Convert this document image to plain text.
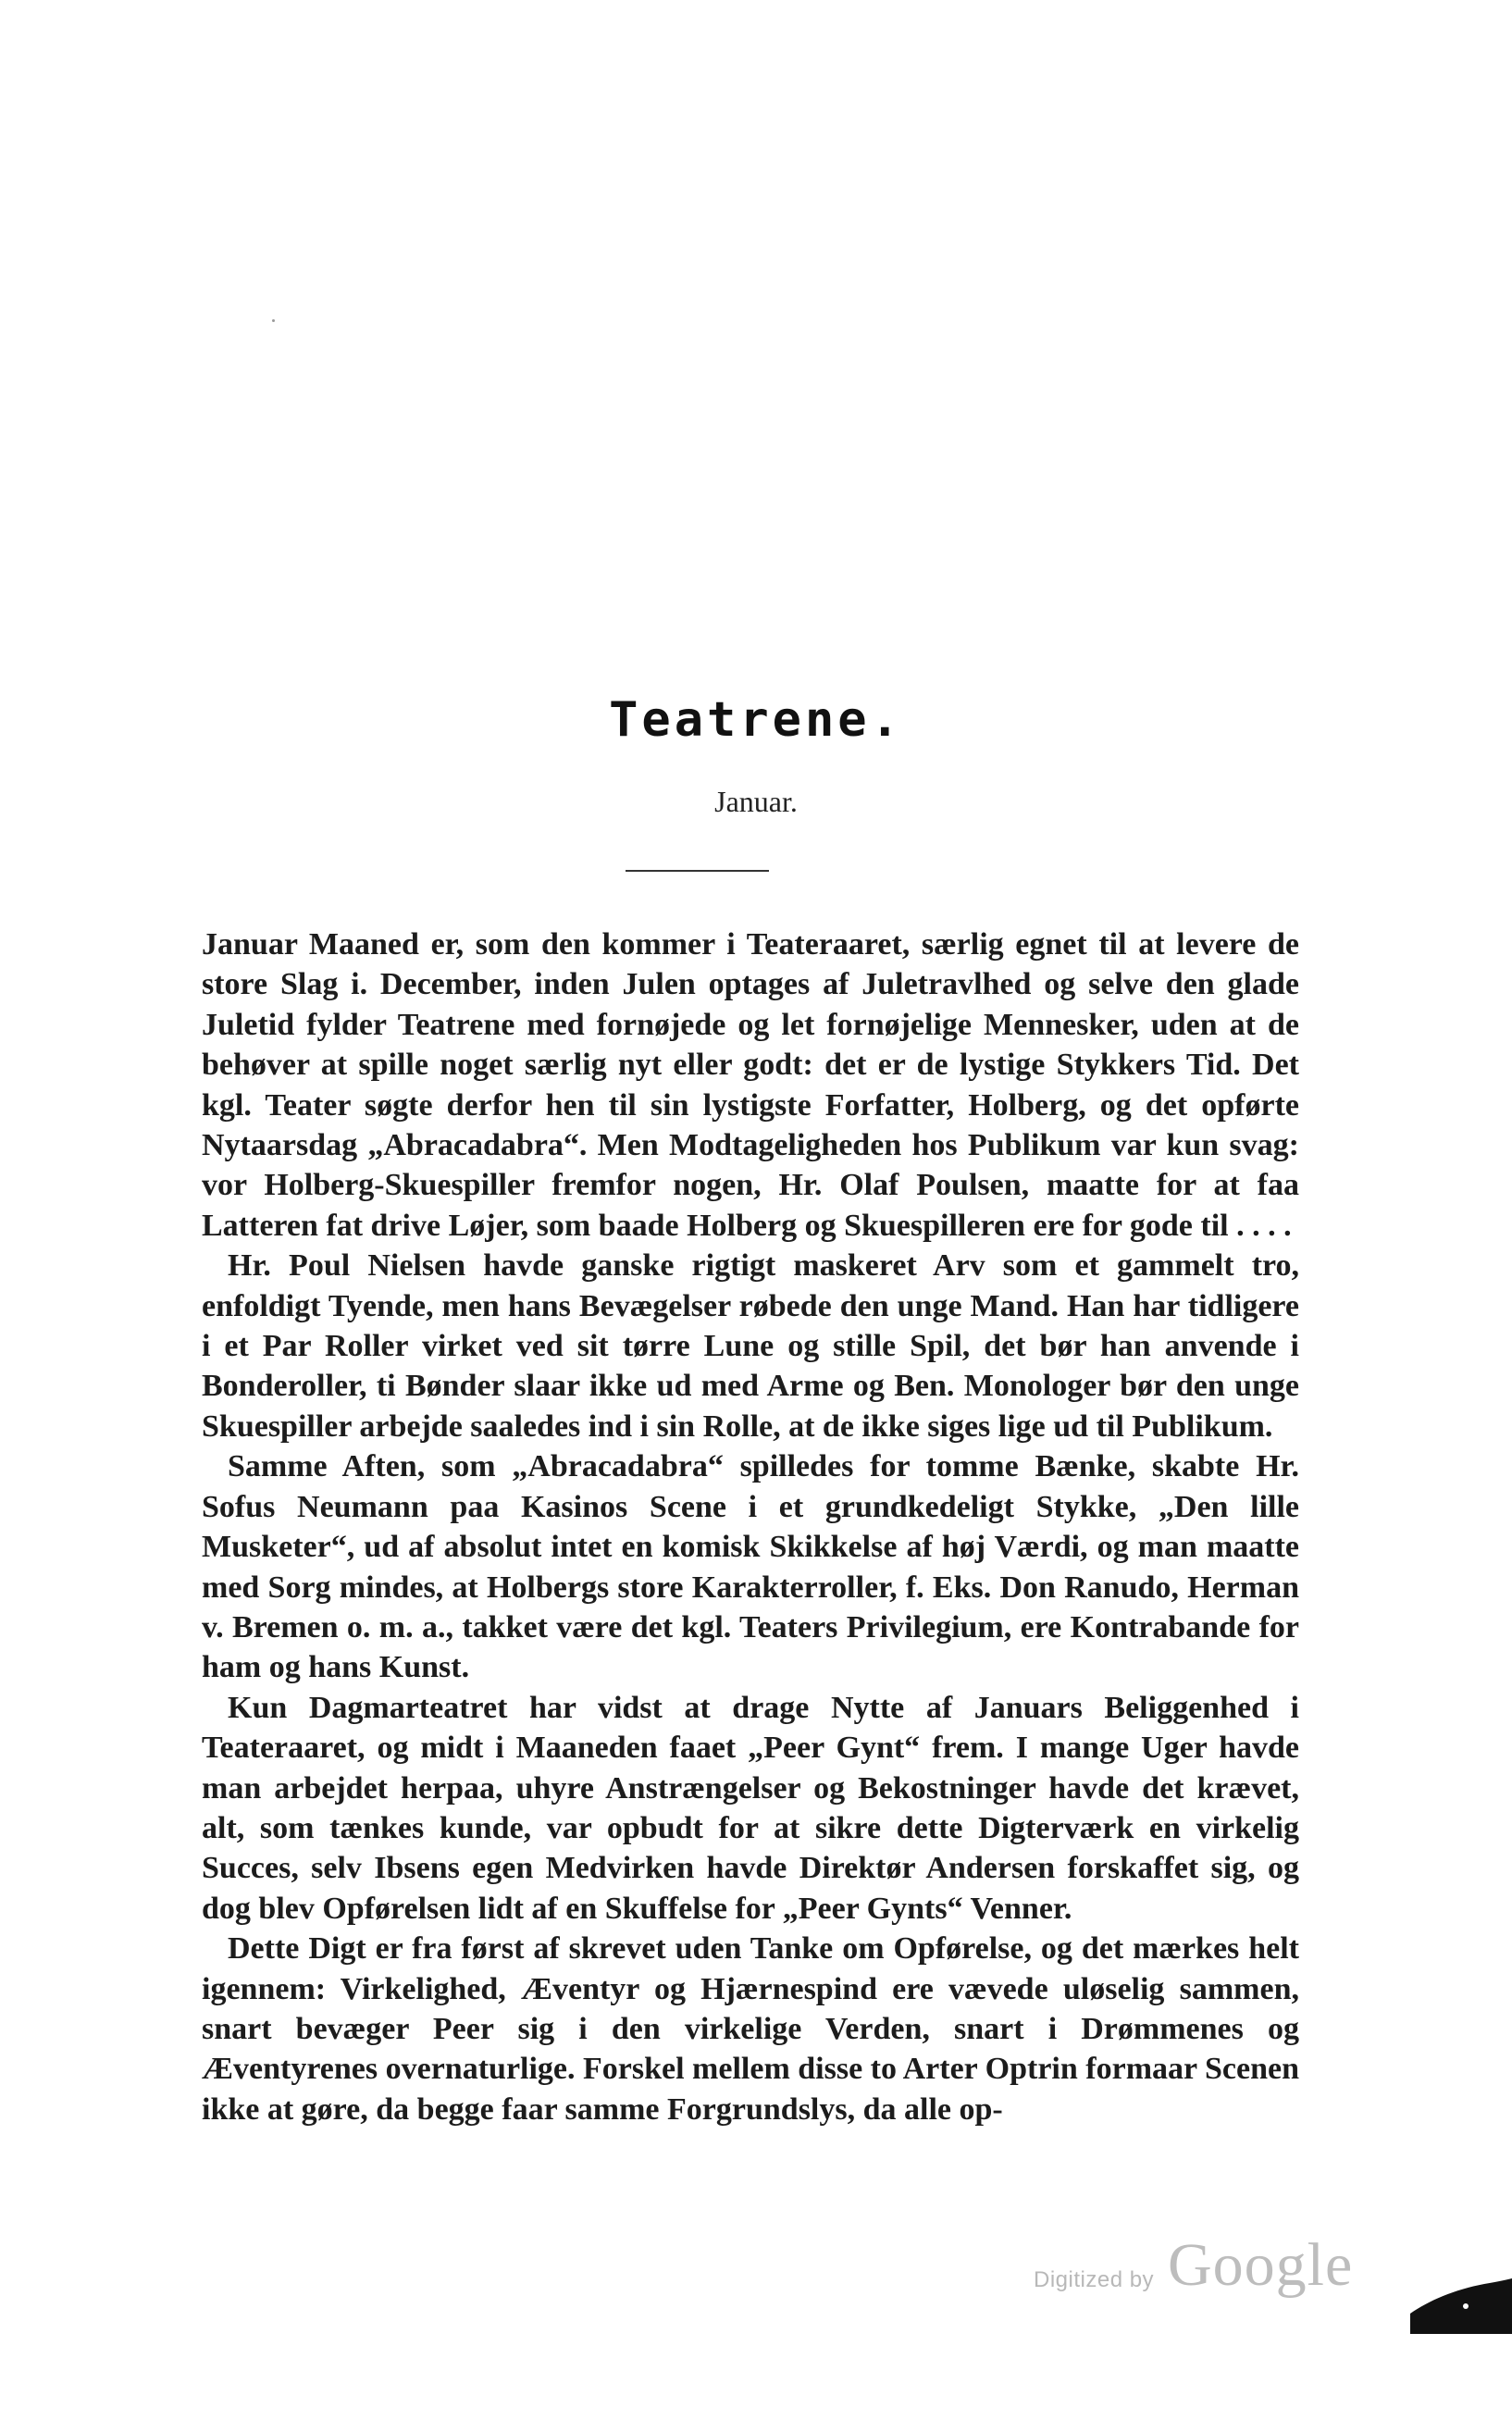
Teatrene.
Januar.

Januar Maaned er, som den kommer i Teateraaret, særlig egnet til at levere de store Slag i. December, inden Julen optages af Juletravlhed og selve den glade Juletid fylder Teatrene med fornøjede og let fornøjelige Mennesker, uden at de behøver at spille noget særlig nyt eller godt: det er de lystige Stykkers Tid. Det kgl. Teater søgte derfor hen til sin lystigste Forfatter, Holberg, og det opførte Nytaarsdag „Abracadabra“. Men Modtageligheden hos Publikum var kun svag: vor Holberg-Skuespiller fremfor nogen, Hr. Olaf Poulsen, maatte for at faa Latteren fat drive Løjer, som baade Holberg og Skuespilleren ere for gode til . . . .

Hr. Poul Nielsen havde ganske rigtigt maskeret Arv som et gammelt tro, enfoldigt Tyende, men hans Bevægelser røbede den unge Mand. Han har tidligere i et Par Roller virket ved sit tørre Lune og stille Spil, det bør han anvende i Bonderoller, ti Bønder slaar ikke ud med Arme og Ben. Monologer bør den unge Skuespiller arbejde saaledes ind i sin Rolle, at de ikke siges lige ud til Publikum.

Samme Aften, som „Abracadabra“ spilledes for tomme Bænke, skabte Hr. Sofus Neumann paa Kasinos Scene i et grundkedeligt Stykke, „Den lille Musketer“, ud af absolut intet en komisk Skikkelse af høj Værdi, og man maatte med Sorg mindes, at Holbergs store Karakterroller, f. Eks. Don Ranudo, Herman v. Bremen o. m. a., takket være det kgl. Teaters Privilegium, ere Kontrabande for ham og hans Kunst.

Kun Dagmarteatret har vidst at drage Nytte af Januars Beliggenhed i Teateraaret, og midt i Maaneden faaet „Peer Gynt“ frem. I mange Uger havde man arbejdet herpaa, uhyre Anstrængelser og Bekostninger havde det krævet, alt, som tænkes kunde, var opbudt for at sikre dette Digterværk en virkelig Succes, selv Ibsens egen Medvirken havde Direktør Andersen forskaffet sig, og dog blev Opførelsen lidt af en Skuffelse for „Peer Gynts“ Venner.

Dette Digt er fra først af skrevet uden Tanke om Opførelse, og det mærkes helt igennem: Virkelighed, Æventyr og Hjærnespind ere vævede uløselig sammen, snart bevæger Peer sig i den virkelige Verden, snart i Drømmenes og Æventyrenes overnaturlige. Forskel mellem disse to Arter Optrin formaar Scenen ikke at gøre, da begge faar samme Forgrundslys, da alle op-

Digitized by Google
